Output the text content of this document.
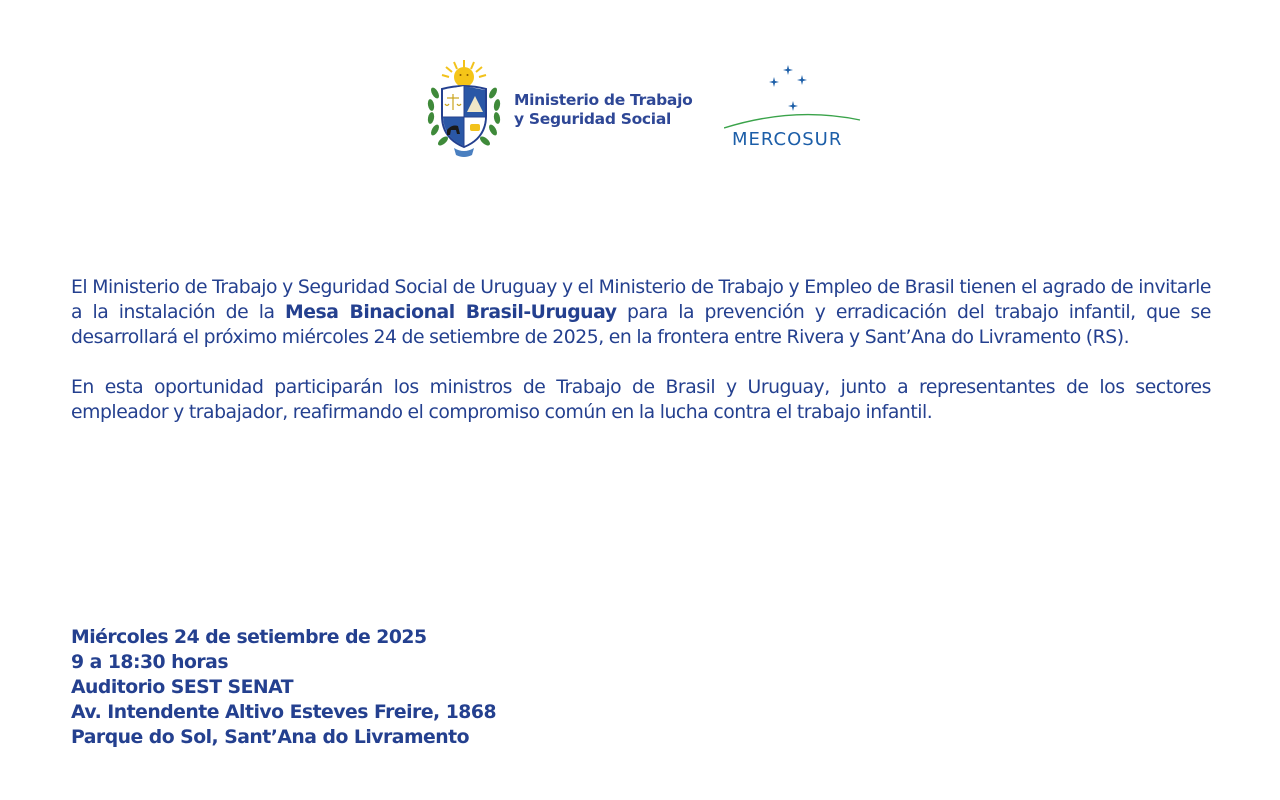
Ministerio de Trabajo
y Seguridad Social
MERCOSUR

El Ministerio de Trabajo y Seguridad Social de Uruguay y el Ministerio de Trabajo y Empleo de Brasil tienen el agrado de invitarle a la instalación de la Mesa Binacional Brasil-Uruguay para la prevención y erradicación del trabajo infantil, que se desarrollará el próximo miércoles 24 de setiembre de 2025, en la frontera entre Rivera y Sant’Ana do Livramento (RS).

En esta oportunidad participarán los ministros de Trabajo de Brasil y Uruguay, junto a representantes de los sectores empleador y trabajador, reafirmando el compromiso común en la lucha contra el trabajo infantil.

Miércoles 24 de setiembre de 2025
9 a 18:30 horas
Auditorio SEST SENAT
Av. Intendente Altivo Esteves Freire, 1868
Parque do Sol, Sant’Ana do Livramento
